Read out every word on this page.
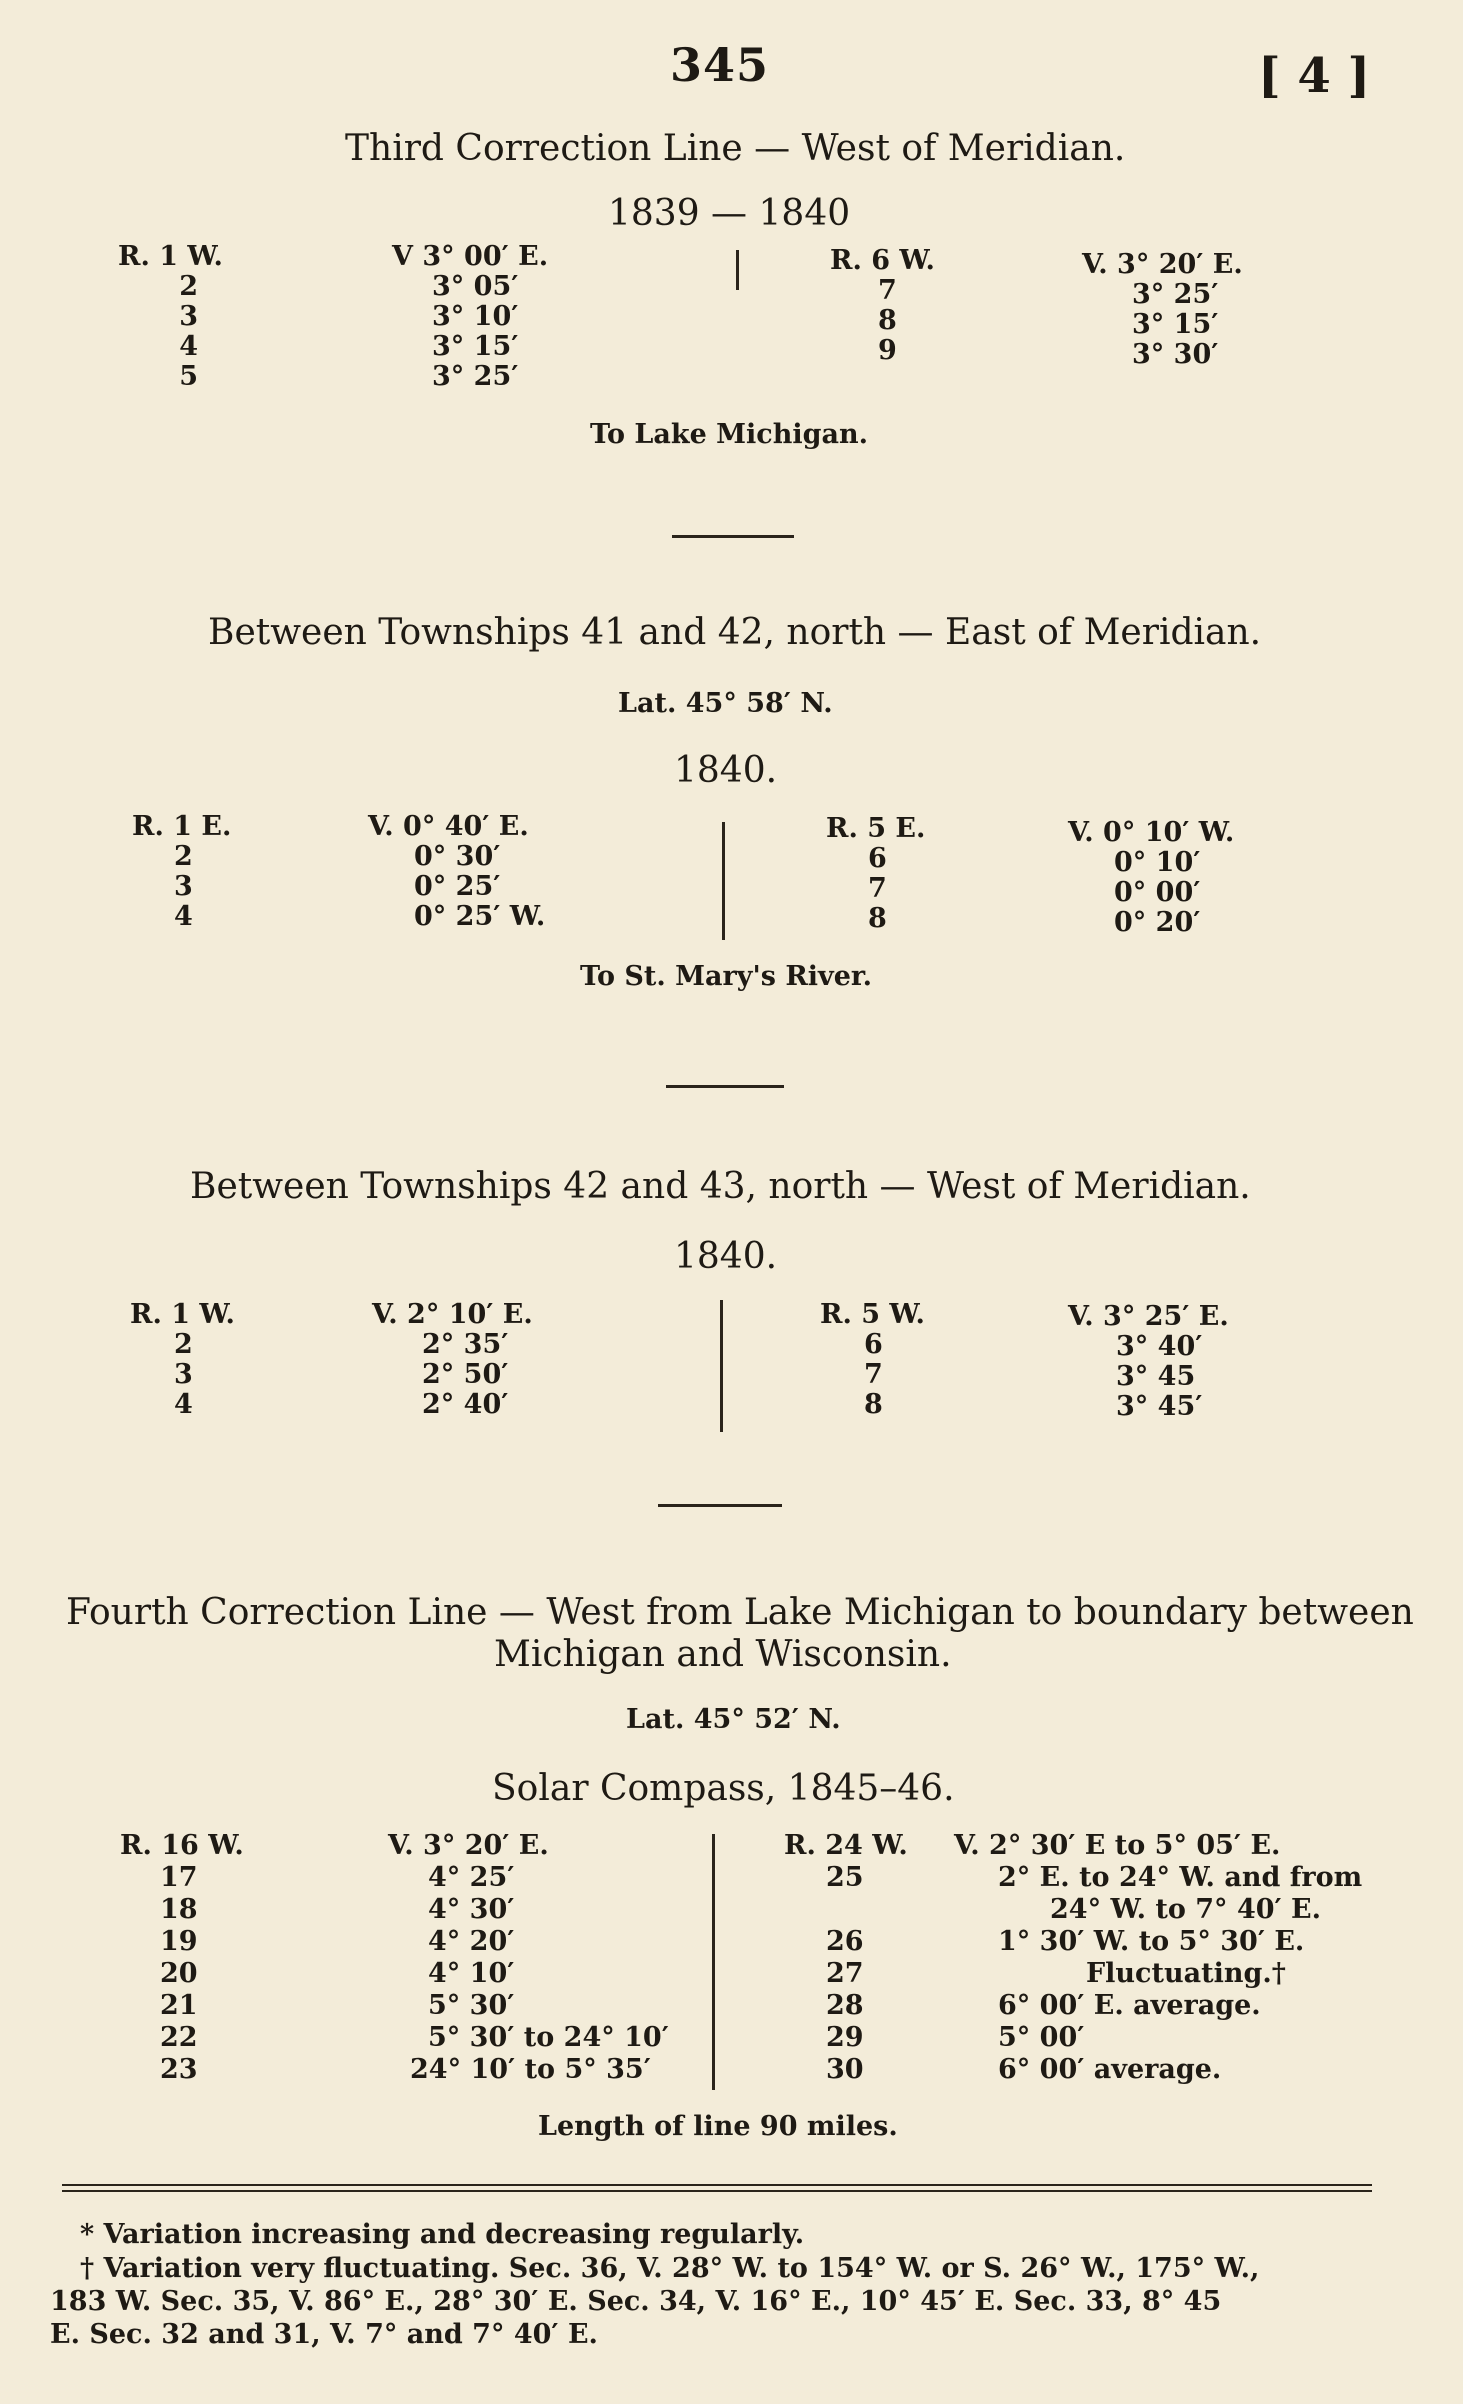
345	[ 4 ]
Third Correction Line — West of Meridian.
1839 — 1840
R. 1 W.
2
3
4
5
V 3° 00′ E.
3° 05′
3° 10′
3° 15′
3° 25′
R. 6 W.
7
8
9
V. 3° 20′ E.
3° 25′
3° 15′
3° 30′
To Lake Michigan.
Between Townships 41 and 42, north — East of Meridian.
Lat. 45° 58′ N.
1840.
R. 1 E.
2
3
4
V. 0° 40′ E.
0° 30′
0° 25′
0° 25′ W.
R. 5 E.
6
7
8
V. 0° 10′ W.
0° 10′
0° 00′
0° 20′
To St. Mary's River.
Between Townships 42 and 43, north — West of Meridian.
1840.
R. 1 W.
2
3
4
V. 2° 10′ E.
2° 35′
2° 50′
2° 40′
R. 5 W.
6
7
8
V. 3° 25′ E.
3° 40′
3° 45
3° 45′
Fourth Correction Line — West from Lake Michigan to boundary between
Michigan and Wisconsin.
Lat. 45° 52′ N.
Solar Compass, 1845–46.
R. 16 W.
17
18
19
20
21
22
23
V. 3° 20′ E.
4° 25′
4° 30′
4° 20′
4° 10′
5° 30′
5° 30′ to 24° 10′
24° 10′ to 5° 35′
R. 24 W.
25
26
27
28
29
30
V. 2° 30′ E to 5° 05′ E.
2° E. to 24° W. and from
24° W. to 7° 40′ E.
1° 30′ W. to 5° 30′ E.
Fluctuating.†
6° 00′ E. average.
5° 00′
6° 00′ average.
Length of line 90 miles.
* Variation increasing and decreasing regularly.
† Variation very fluctuating. Sec. 36, V. 28° W. to 154° W. or S. 26° W., 175° W.,
183 W. Sec. 35, V. 86° E., 28° 30′ E. Sec. 34, V. 16° E., 10° 45′ E. Sec. 33, 8° 45
E. Sec. 32 and 31, V. 7° and 7° 40′ E.
